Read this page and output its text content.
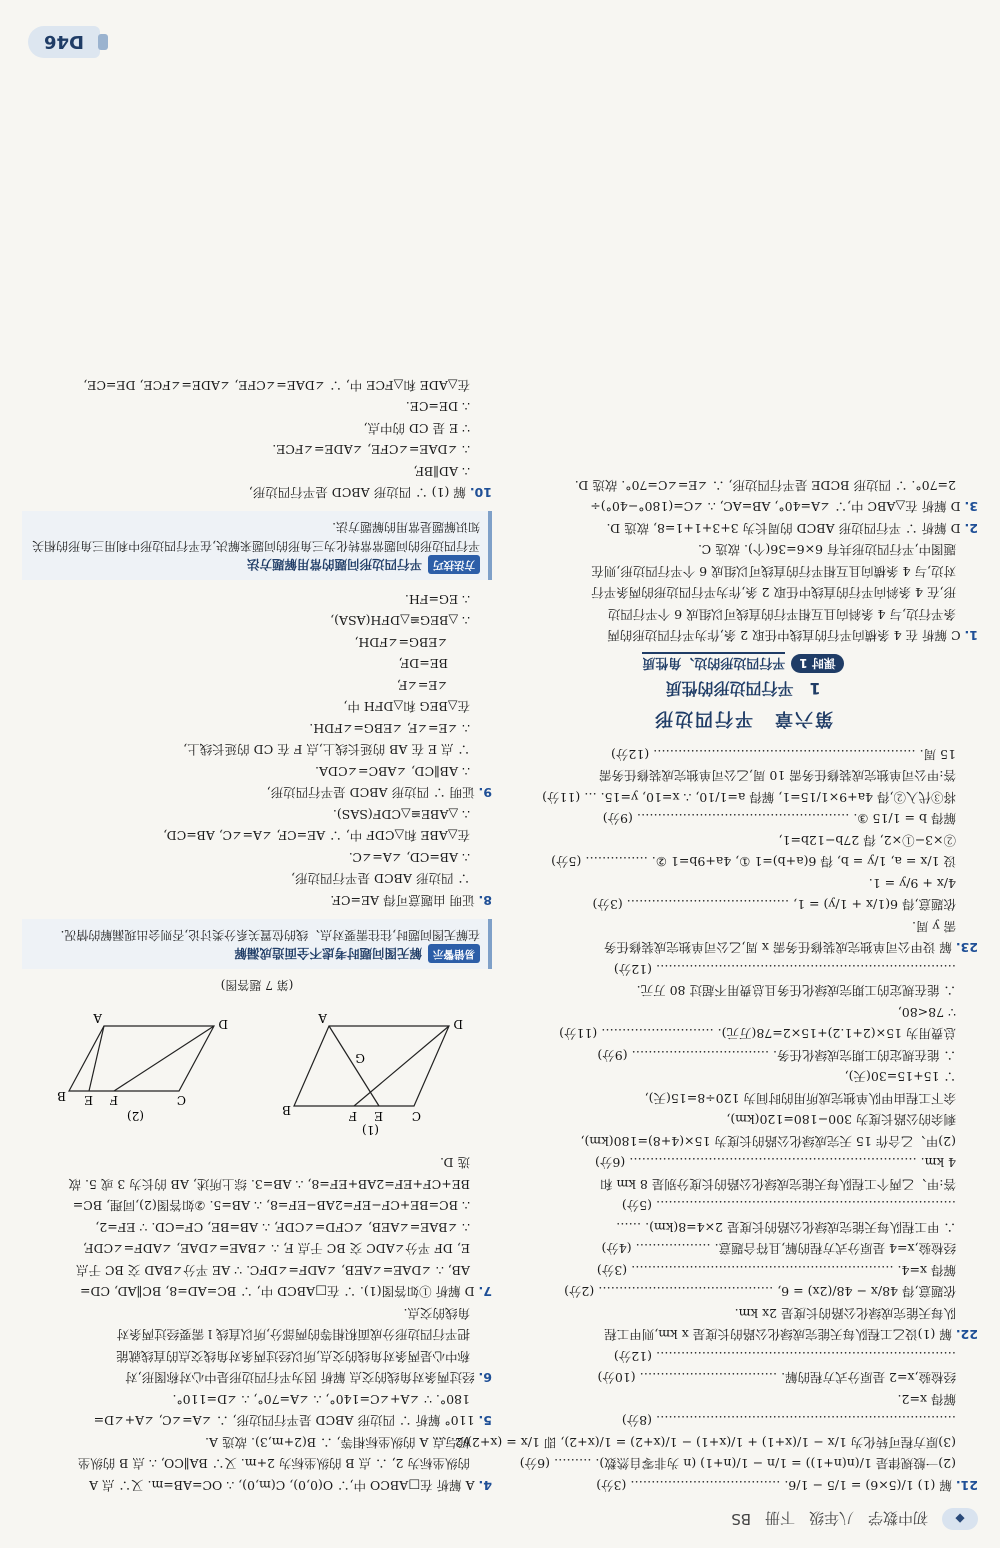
◆
初中数学
八年级
下册
BS
21. 解 (1) 1/(5×6) = 1/5 − 1/6. ……………………………… (3分)
(2)一般规律是 1/(n(n+1)) = 1/n − 1/(n+1) (n 为非零自然数). ……… (6分)
(3)原方程可转化为 1/x − 1/(x+1) + 1/(x+1) − 1/(x+2) = 1/(x+2), 即 1/x = (x+2)/2. …
……………………………………………………………… (8分)
解得 x=2.
经检验,x=2 是原分式方程的解. …………………………… (10分)
……………………………………………………………… (12分)
22. 解 (1)设乙工程队每天能完成绿化公路的长度是 x km,则甲工程
队每天能完成绿化公路的长度是 2x km.
依题意,得 48/x − 48/(2x) = 6, …………………………………… (2分)
解得 x=4. ……………………………………………………… (3分)
经检验,x=4 是原分式方程的解,且符合题意. ……………… (4分)
∴ 甲工程队每天能完成绿化公路的长度是 2×4=8(km). ……
……………………………………………………………… (5分)
答:甲、乙两个工程队每天能完成绿化公路的长度分别是 8 km 和
4 km. …………………………………………………………… (6分)
(2)甲、乙合作 15 天完成绿化公路的长度为 15×(4+8)=180(km),
剩余的公路长度为 300−180=120(km),
余下工程由甲队单独完成所用的时间为 120÷8=15(天),
∵ 15+15=30(天),
∴ 能在规定的工期完成绿化任务. …………………………… (9分)
总费用为 15×(2+1.2)+15×2=78(万元). ……………………… (11分)
∵ 78<80,
∴ 能在规定的工期完成绿化任务且总费用不超过 80 万元.
……………………………………………………………… (12分)
23. 解 设甲公司单独完成装修任务需 x 周,乙公司单独完成装修任务
需 y 周.
依题意,得 6(1/x + 1/y) = 1, ………………………………… (3分)
4/x + 9/y = 1.
设 1/x = a, 1/y = b, 得 6(a+b)=1 ①, 4a+9b=1 ②. …………… (5分)
②×3−①×2, 得 27b−12b=1,
解得 b = 1/15 ③. …………………………………………… (9分)
将③代入②,得 4a+9×1/15=1, 解得 a=1/10, ∴ x=10, y=15. … (11分)
答:甲公司单独完成装修任务需 10 周,乙公司单独完成装修任务需
15 周. ……………………………………………………… (12分)
第六章　平行四边形
1　平行四边形的性质
课时 1
平行四边形的边、角性质
1. C 解析 在 4 条横向平行的直线中任取 2 条,作为平行四边形的两
条平行边,与 4 条斜向且互相平行的直线可以组成 6 个平行四边
形,在 4 条斜向平行的直线中任取 2 条,作为平行四边形的两条平行
对边,与 4 条横向且互相平行的直线可以组成 6 个平行四边形,则在
题图中,平行四边形共有 6×6=36(个). 故选 C.
2. D 解析 ∵ 平行四边形 ABCD 的周长为 3+3+1+1=8, 故选 D.
3. D 解析 在△ABC 中,∵ ∠A=40°, AB=AC, ∴ ∠C=(180°−40°)÷
2=70°. ∵ 四边形 BCDE 是平行四边形, ∴ ∠E=∠C=70°. 故选 D.
4. A 解析 在□ABCO 中,∵ O(0,0), C(m,0), ∴ OC=AB=m. 又∵ 点 A
的纵坐标为 2, ∴ 点 B 的纵坐标为 2+m. 又∵ BA∥CO, ∴ 点 B 的纵坐
标与点 A 的纵坐标相等, ∴ B(2+m,3). 故选 A.
5. 110° 解析 ∵ 四边形 ABCD 是平行四边形, ∴ ∠A=∠C, ∠A+∠D=
180°. ∵ ∠A+∠C=140°, ∴ ∠A=70°, ∴ ∠D=110°.
6. 经过两条对角线的交点 解析 因为平行四边形是中心对称图形,对
称中心是两条对角线的交点,所以经过两条对角线交点的直线就能
把平行四边形分成面积相等的两部分,所以直线 l 需要经过两条对
角线的交点.
7. D 解析 ①如答图(1). ∵ 在□ABCD 中, ∵ BC=AD=8, BC∥AD, CD=
AB, ∴ ∠DAE=∠AEB, ∠ADF=∠DFC. ∵ AE 平分∠BAD 交 BC 于点
E, DF 平分∠ADC 交 BC 于点 F, ∴ ∠BAE=∠DAE, ∠ADF=∠CDF,
∴ ∠BAE=∠AEB, ∠CFD=∠CDF, ∴ AB=BE, CF=CD. ∵ EF=2,
∴ BC=BE+CF−EF=2AB−EF=8, ∴ AB=5. ②如答图(2),同理, BC=
BE+CF+EF=2AB+EF=8, ∴ AB=3. 综上所述, AB 的长为 3 或 5. 故
选 D.
D
A
B	C
E
F
G
(1)
D
A
B	C
E F
(2)
(第 7 题答图)
易错警示
解无图问题时考虑不全面造成漏解
在解无图问题时,往往需要对点、线的位置关系分类讨论,否则会出现漏解的情况.
8. 证明 由题意可得 AE=CF.
∵ 四边形 ABCD 是平行四边形,
∴ AB=CD, ∠A=∠C.
在△ABE 和△CDF 中, ∵ AE=CF, ∠A=∠C, AB=CD,
∴ △ABE≌△CDF(SAS).
9. 证明 ∵ 四边形 ABCD 是平行四边形,
∴ AB∥CD, ∠ABC=∠CDA.
∵ 点 E 在 AB 的延长线上,点 F 在 CD 的延长线上,
∴ ∠E=∠F, ∠EBG=∠FDH.
在△BEG 和△DFH 中,
∠E=∠F,
BE=DF,
∠EBG=∠FDH,
∴ △BEG≌△DFH(ASA),
∴ EG=FH.
方法技巧
平行四边形问题的常用解题方法
平行四边形的问题常常转化为三角形的问题来解决,在平行四边形中利用三角形的相关知识解题是常用的解题方法.
10. 解 (1) ∵ 四边形 ABCD 是平行四边形,
∴ AD∥BF,
∴ ∠DAE=∠CFE, ∠ADE=∠FCE.
∵ E 是 CD 的中点,
∴ DE=CE.
在△ADE 和△FCE 中, ∵ ∠DAE=∠CFE, ∠ADE=∠FCE, DE=CE,
D46
